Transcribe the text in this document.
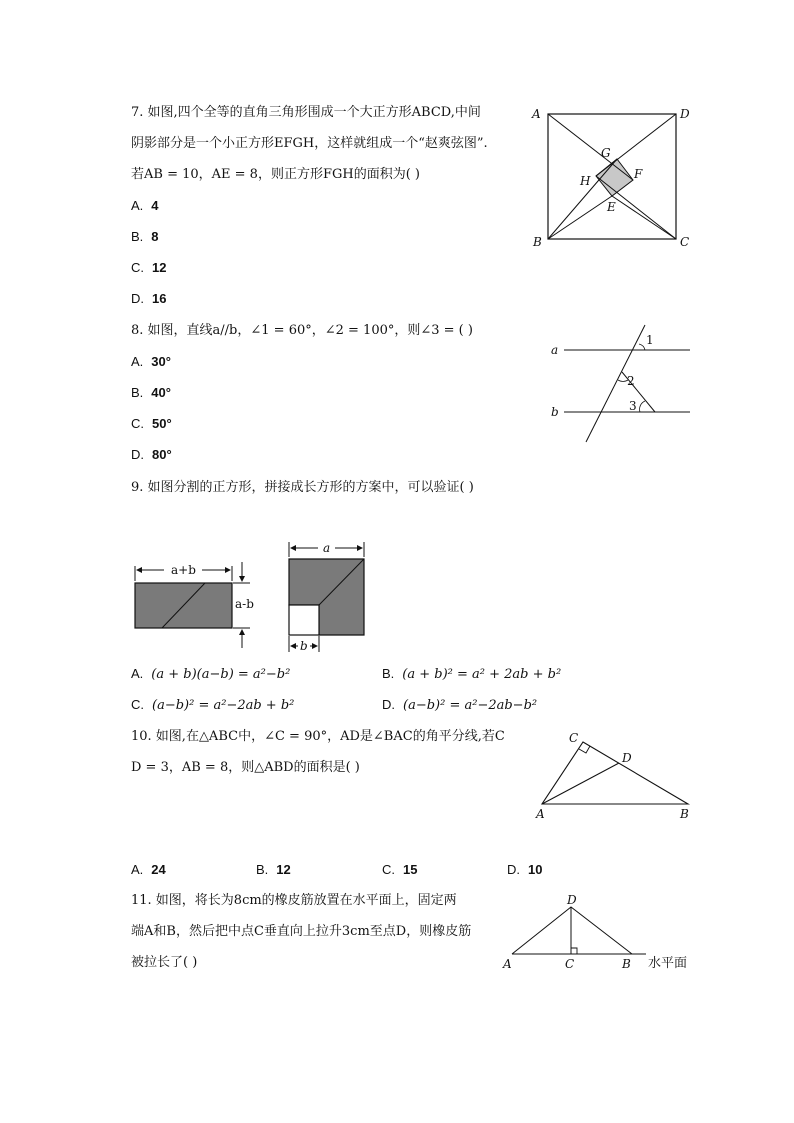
7. 如图,四个全等的直角三角形围成一个大正方形ABCD,中间
阴影部分是一个小正方形EFGH，这样就组成一个“赵爽弦图”.
若AB = 10，AE = 8，则正方形FGH的面积为( )
A. 4
B. 8
C. 12
D. 16
A	D
B	C
G
H	F
E
8. 如图，直线a//b，∠1 = 60°，∠2 = 100°，则∠3 = ( )
A. 30°
B. 40°
C. 50°
D. 80°
a
b
1
2
3
9. 如图分割的正方形，拼接成长方形的方案中，可以验证( )
a+b
a-b
a
b
A. (a + b)(a−b) = a²−b²	B. (a + b)² = a² + 2ab + b²
C. (a−b)² = a²−2ab + b²	D. (a−b)² = a²−2ab−b²
10. 如图,在△ABC中，∠C = 90°，AD是∠BAC的角平分线,若C
D = 3，AB = 8，则△ABD的面积是( )
A	B
C
D
A. 24	B. 12	C. 15	D. 10
11. 如图，将长为8cm的橡皮筋放置在水平面上，固定两
端A和B，然后把中点C垂直向上拉升3cm至点D，则橡皮筋
被拉长了( )	A	C	B
D
水平面
